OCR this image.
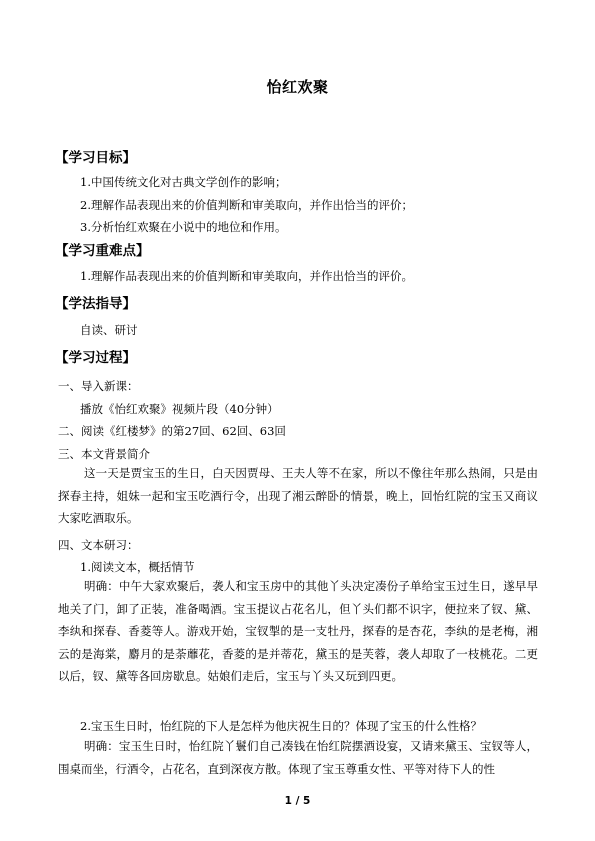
怡红欢聚
【学习目标】
1.中国传统文化对古典文学创作的影响；
2.理解作品表现出来的价值判断和审美取向，并作出恰当的评价；
3.分析怡红欢聚在小说中的地位和作用。
【学习重难点】
1.理解作品表现出来的价值判断和审美取向，并作出恰当的评价。
【学法指导】
自读、研讨
【学习过程】
一、导入新课：
播放《怡红欢聚》视频片段（40分钟）
二、阅读《红楼梦》的第27回、62回、63回
三、本文背景简介
这一天是贾宝玉的生日，白天因贾母、王夫人等不在家，所以不像往年那么热闹，只是由探春主持，姐妹一起和宝玉吃酒行令，出现了湘云醉卧的情景，晚上，回怡红院的宝玉又商议大家吃酒取乐。
四、文本研习：
1.阅读文本，概括情节
明确：中午大家欢聚后，袭人和宝玉房中的其他丫头决定凑份子单给宝玉过生日，遂早早地关了门，卸了正装，准备喝酒。宝玉提议占花名儿，但丫头们都不识字，便拉来了钗、黛、李纨和探春、香菱等人。游戏开始，宝钗掣的是一支牡丹，探春的是杏花，李纨的是老梅，湘云的是海棠，麝月的是荼蘼花，香菱的是并蒂花，黛玉的是芙蓉，袭人却取了一枝桃花。二更以后，钗、黛等各回房歇息。姑娘们走后，宝玉与丫头又玩到四更。
2.宝玉生日时，怡红院的下人是怎样为他庆祝生日的？体现了宝玉的什么性格？
明确：宝玉生日时，怡红院丫鬟们自己凑钱在怡红院摆酒设宴，又请来黛玉、宝钗等人，围桌而坐，行酒令，占花名，直到深夜方散。体现了宝玉尊重女性、平等对待下人的性
1 / 5
